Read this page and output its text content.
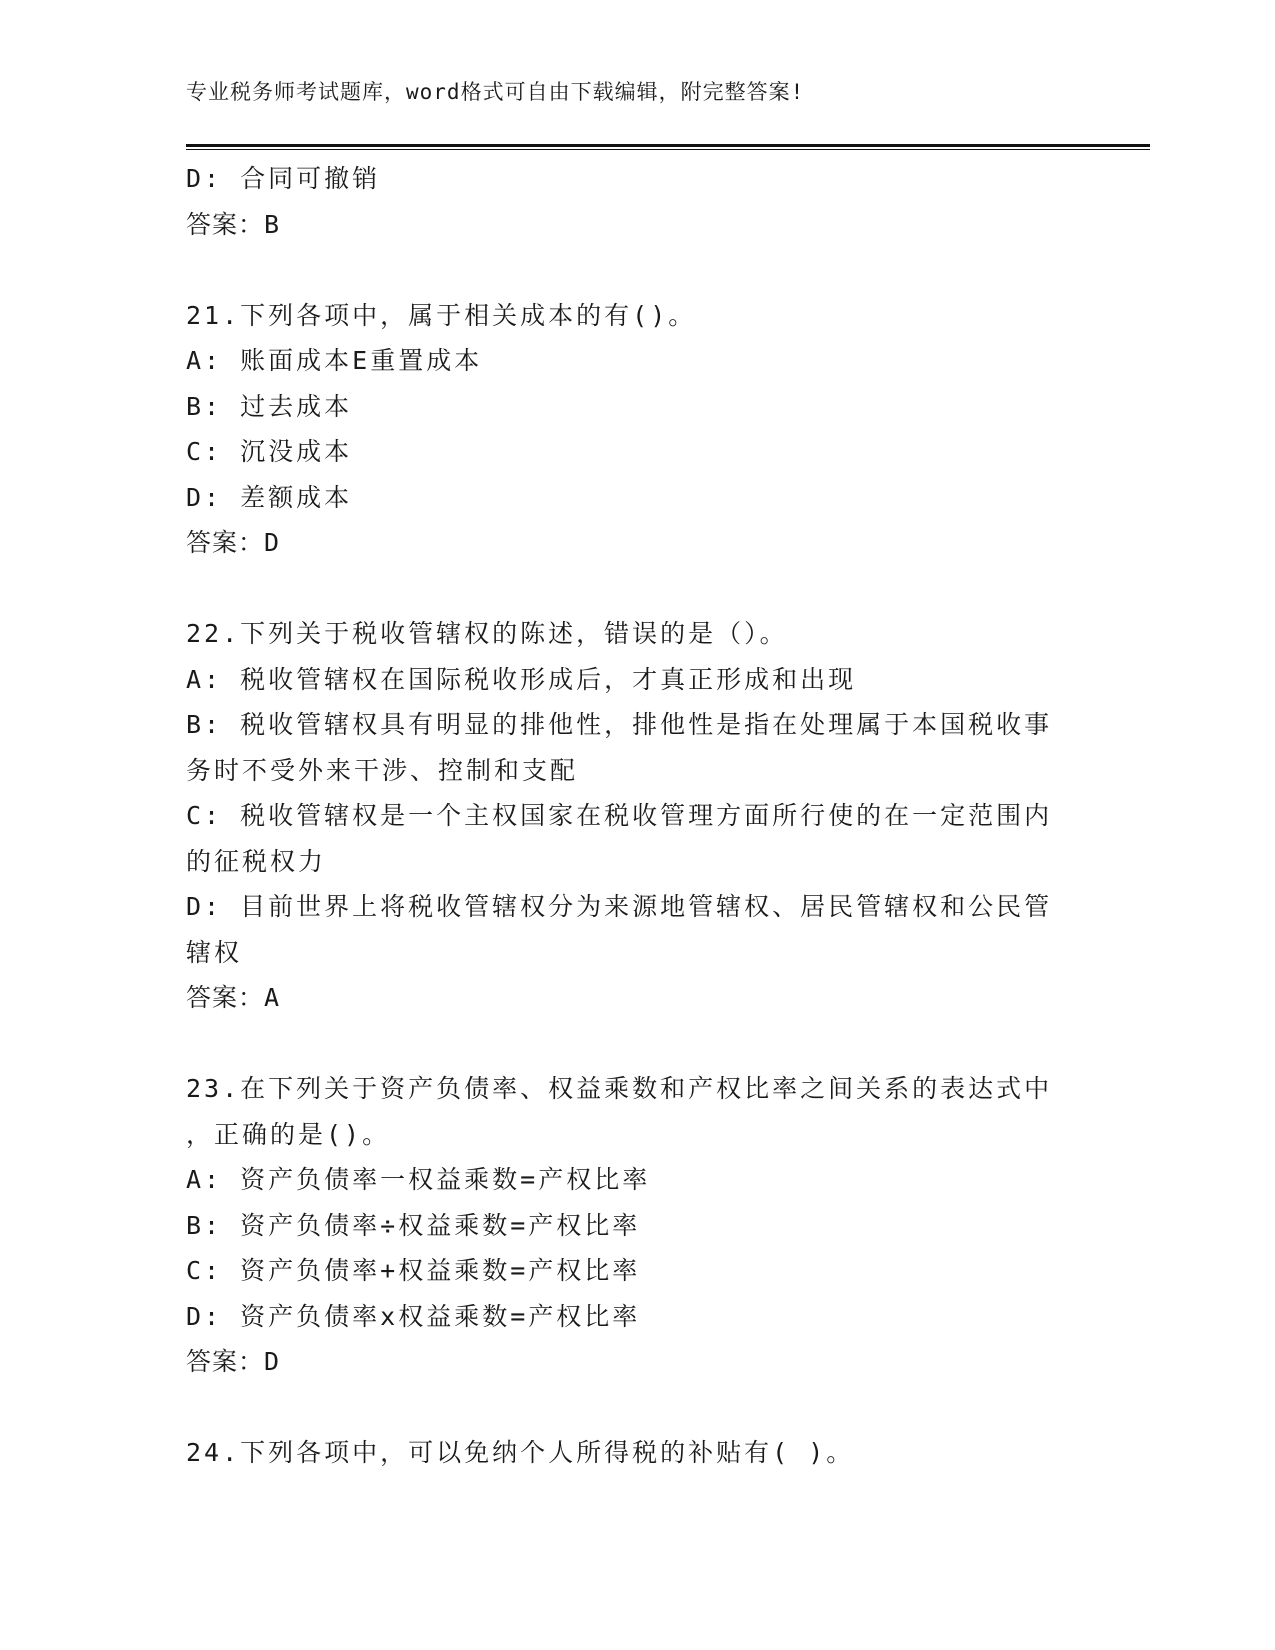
专业税务师考试题库，word格式可自由下载编辑，附完整答案!
D: 合同可撤销
答案：B
21.下列各项中，属于相关成本的有()。
A: 账面成本E重置成本
B: 过去成本
C: 沉没成本
D: 差额成本
答案：D
22.下列关于税收管辖权的陈述，错误的是（）。
A: 税收管辖权在国际税收形成后，才真正形成和出现
B: 税收管辖权具有明显的排他性，排他性是指在处理属于本国税收事
务时不受外来干涉、控制和支配
C: 税收管辖权是一个主权国家在税收管理方面所行使的在一定范围内
的征税权力
D: 目前世界上将税收管辖权分为来源地管辖权、居民管辖权和公民管
辖权
答案：A
23.在下列关于资产负债率、权益乘数和产权比率之间关系的表达式中
，正确的是()。
A: 资产负债率一权益乘数=产权比率
B: 资产负债率÷权益乘数=产权比率
C: 资产负债率+权益乘数=产权比率
D: 资产负债率x权益乘数=产权比率
答案：D
24.下列各项中，可以免纳个人所得税的补贴有( )。
